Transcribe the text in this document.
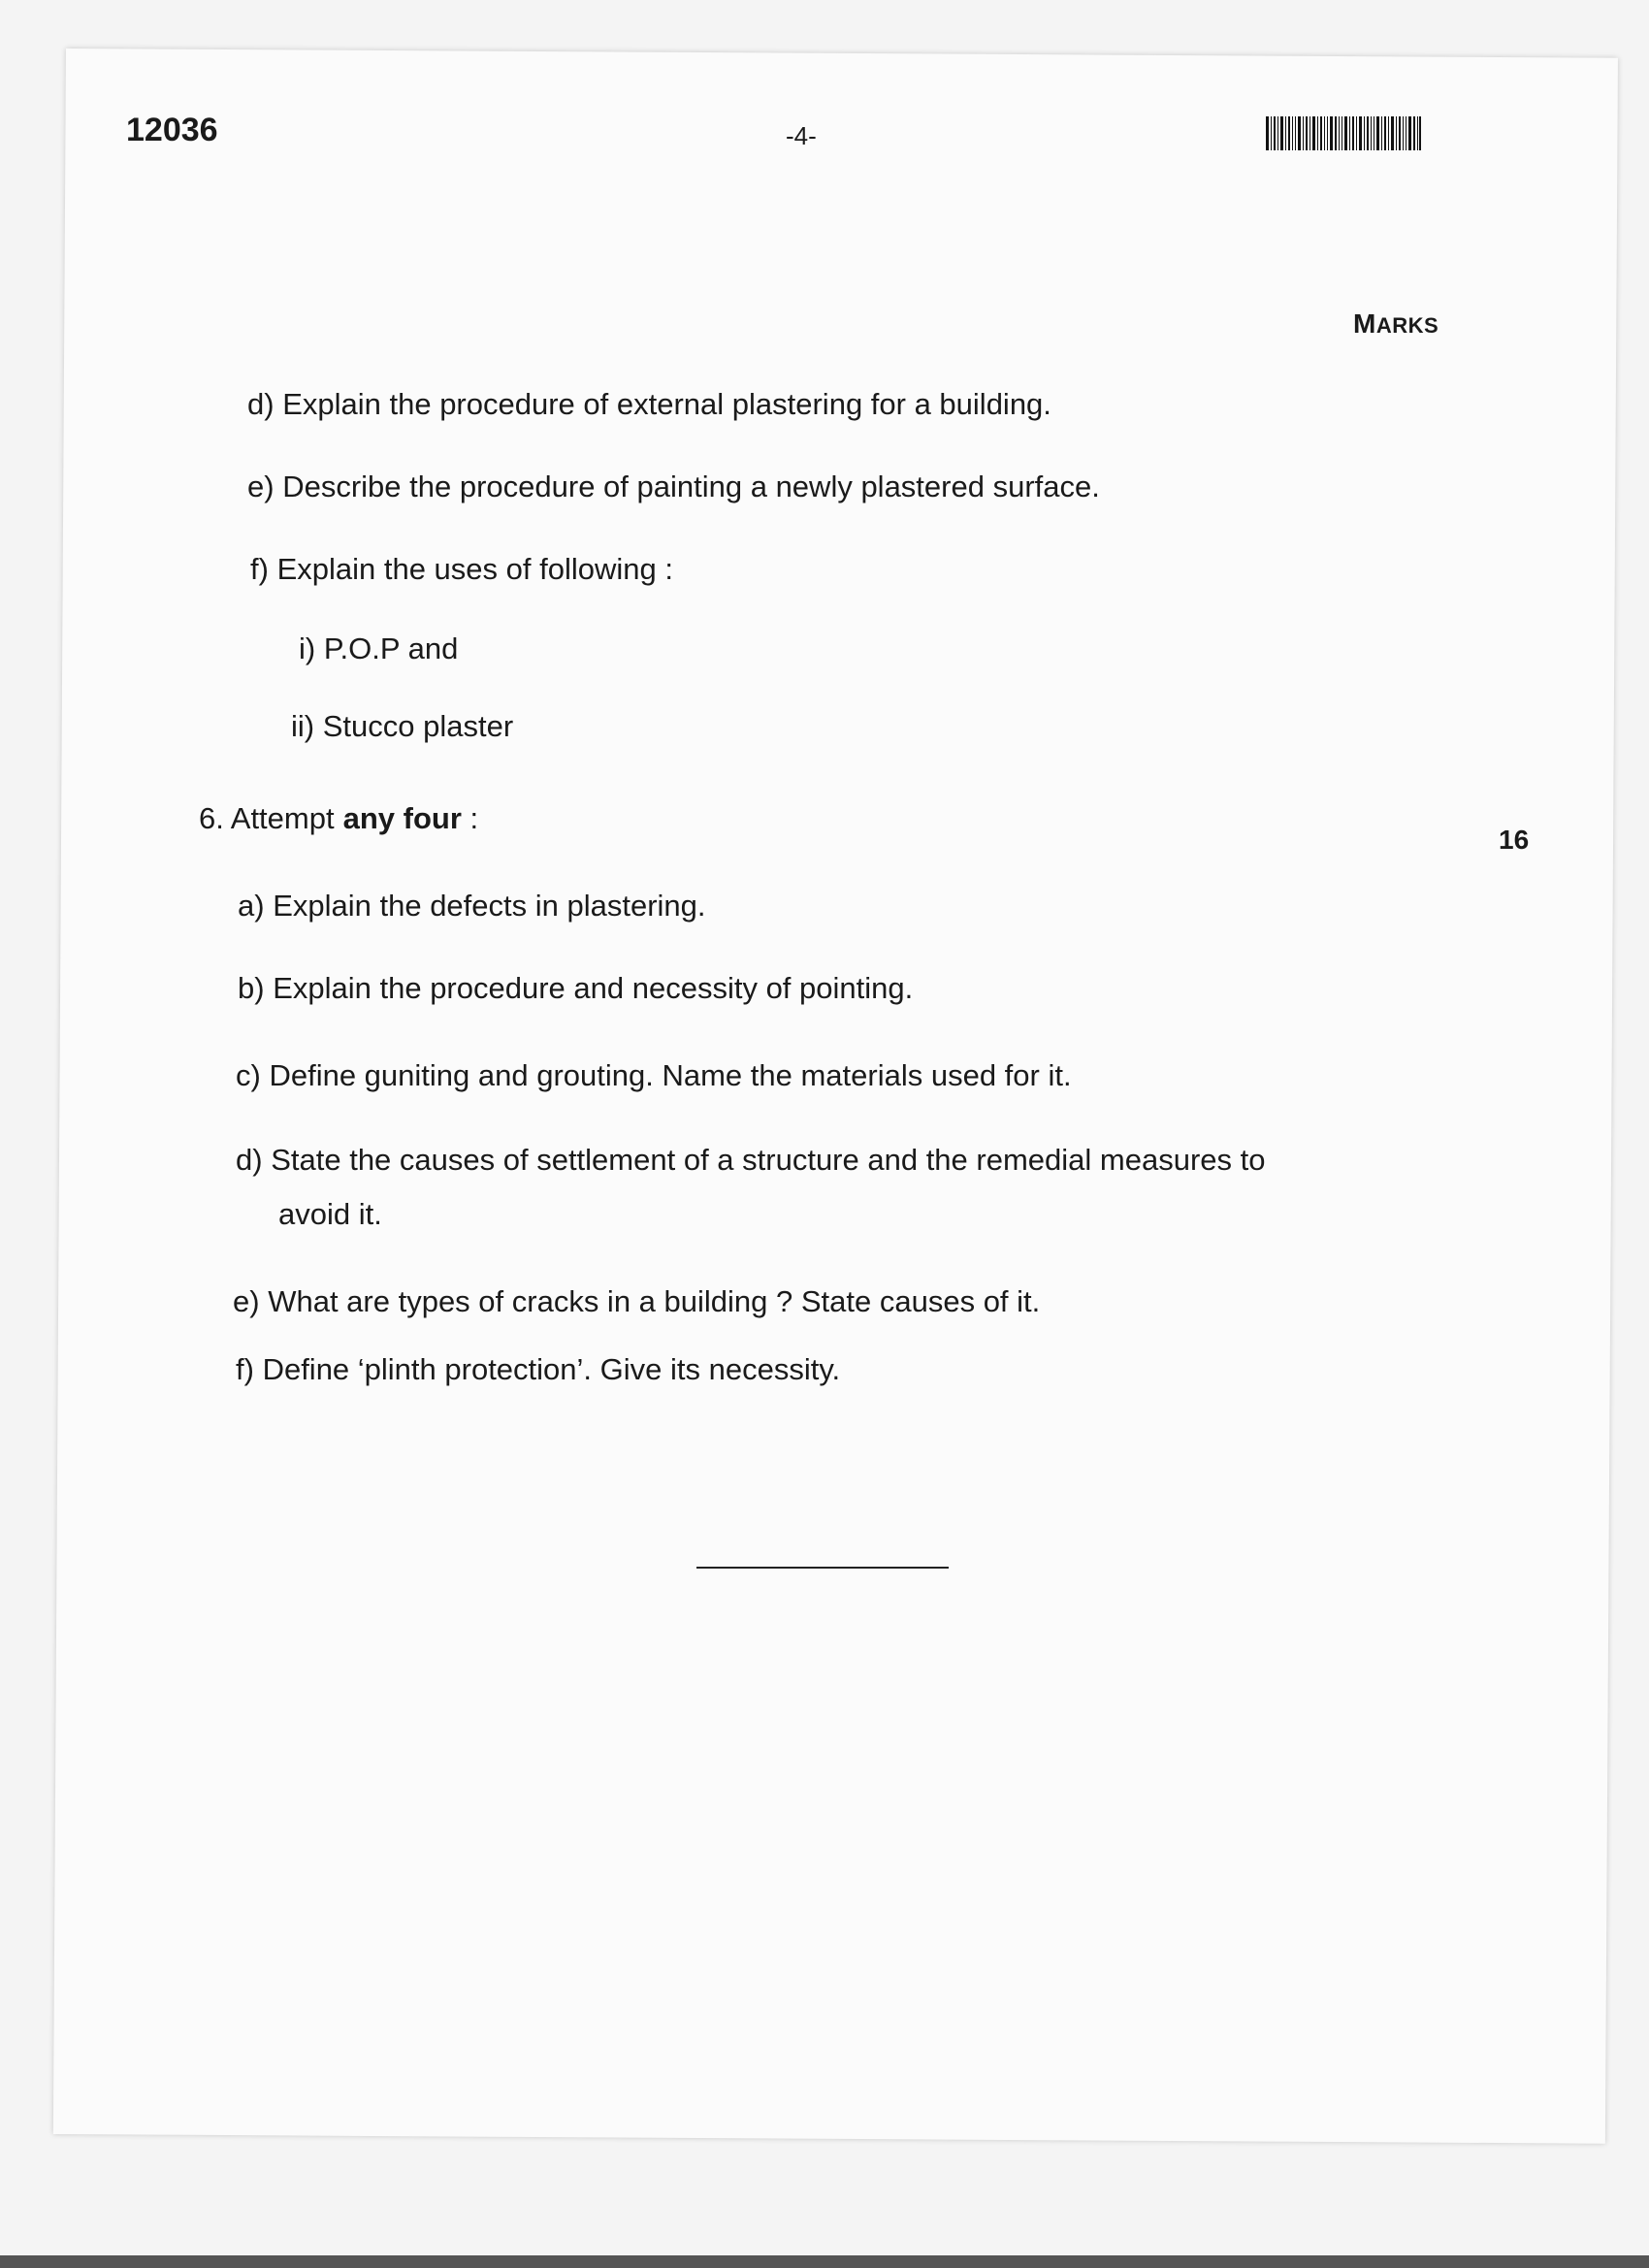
12036	-4-
MARKS
d) Explain the procedure of external plastering for a building.
e) Describe the procedure of painting a newly plastered surface.
f) Explain the uses of following :
i) P.O.P and
ii) Stucco plaster
6. Attempt any four :
16
a) Explain the defects in plastering.
b) Explain the procedure and necessity of pointing.
c) Define guniting and grouting. Name the materials used for it.
d) State the causes of settlement of a structure and the remedial measures to
avoid it.
e) What are types of cracks in a building ? State causes of it.
f) Define ‘plinth protection’. Give its necessity.
